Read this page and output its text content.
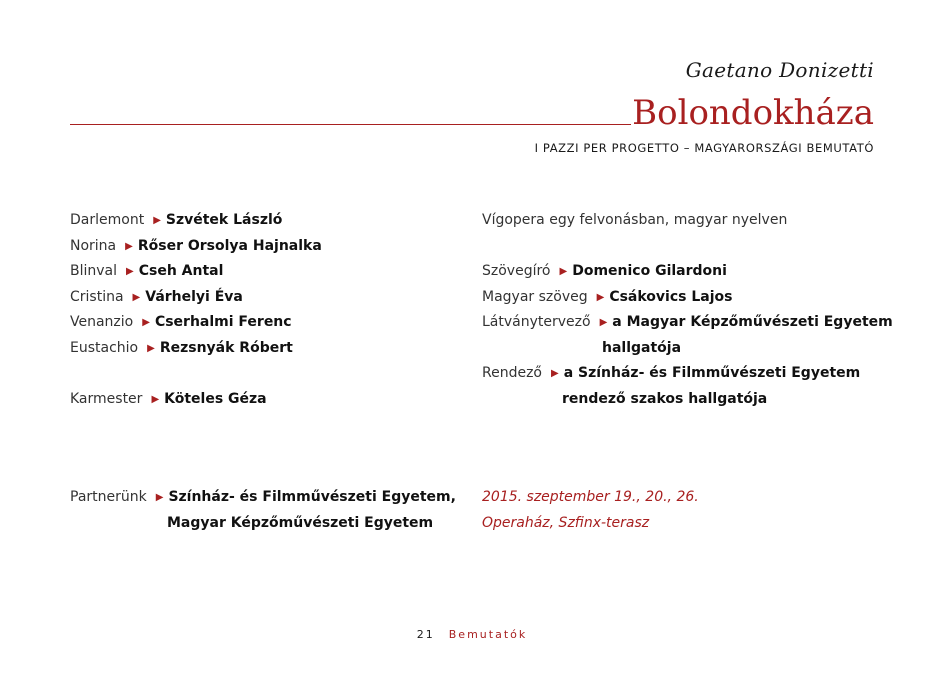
Gaetano Donizetti
Bolondokháza
I PAZZI PER PROGETTO – MAGYARORSZÁGI BEMUTATÓ
Darlemont ▶ Szvétek László
Norina ▶ Rőser Orsolya Hajnalka
Blinval ▶ Cseh Antal
Cristina ▶ Várhelyi Éva
Venanzio ▶ Cserhalmi Ferenc
Eustachio ▶ Rezsnyák Róbert
Karmester ▶ Köteles Géza
Vígopera egy felvonásban, magyar nyelven
Szövegíró ▶ Domenico Gilardoni
Magyar szöveg ▶ Csákovics Lajos
Látványtervező ▶ a Magyar Képzőművészeti Egyetem
hallgatója
Rendező ▶ a Színház- és Filmművészeti Egyetem
rendező szakos hallgatója
Partnerünk ▶ Színház- és Filmművészeti Egyetem,
Magyar Képzőművészeti Egyetem
2015. szeptember 19., 20., 26.
Operaház, Szfinx-terasz
21 Bemutatók
